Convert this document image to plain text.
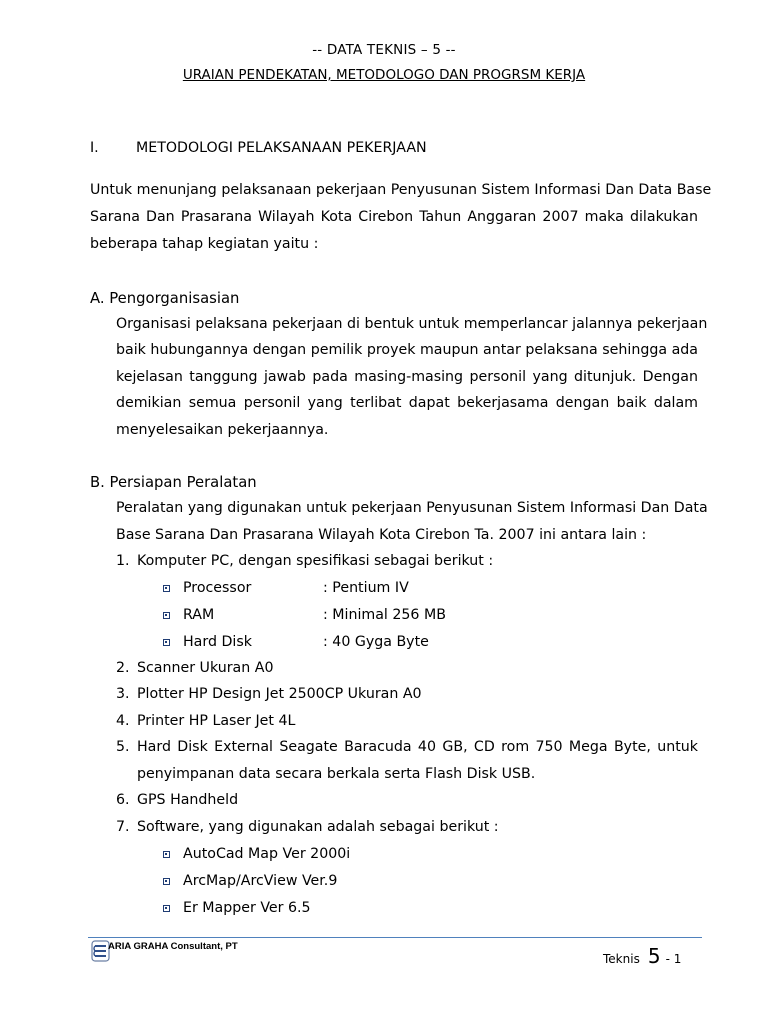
-- DATA TEKNIS – 5 --
URAIAN PENDEKATAN, METODOLOGO DAN PROGRSM KERJA
I.	METODOLOGI PELAKSANAAN PEKERJAAN
Untuk menunjang pelaksanaan pekerjaan Penyusunan Sistem Informasi Dan Data Base
Sarana Dan Prasarana Wilayah Kota Cirebon Tahun Anggaran 2007 maka dilakukan
beberapa tahap kegiatan yaitu :
A. Pengorganisasian
Organisasi pelaksana pekerjaan di bentuk untuk memperlancar jalannya pekerjaan
baik hubungannya dengan pemilik proyek maupun antar pelaksana sehingga ada
kejelasan tanggung jawab pada masing-masing personil yang ditunjuk. Dengan
demikian semua personil yang terlibat dapat bekerjasama dengan baik dalam
menyelesaikan pekerjaannya.
B. Persiapan Peralatan
Peralatan yang digunakan untuk pekerjaan Penyusunan Sistem Informasi Dan Data
Base Sarana Dan Prasarana Wilayah Kota Cirebon Ta. 2007 ini antara lain :
1. Komputer PC, dengan spesifikasi sebagai berikut :
Processor	: Pentium IV
RAM	: Minimal 256 MB
Hard Disk	: 40 Gyga Byte
2. Scanner Ukuran A0
3. Plotter HP Design Jet 2500CP Ukuran A0
4. Printer HP Laser Jet 4L
5. Hard Disk External Seagate Baracuda 40 GB, CD rom 750 Mega Byte, untuk
penyimpanan data secara berkala serta Flash Disk USB.
6. GPS Handheld
7. Software, yang digunakan adalah sebagai berikut :
AutoCad Map Ver 2000i
ArcMap/ArcView Ver.9
Er Mapper Ver 6.5
ARIA GRAHA Consultant, PT
Teknis 5 - 1
